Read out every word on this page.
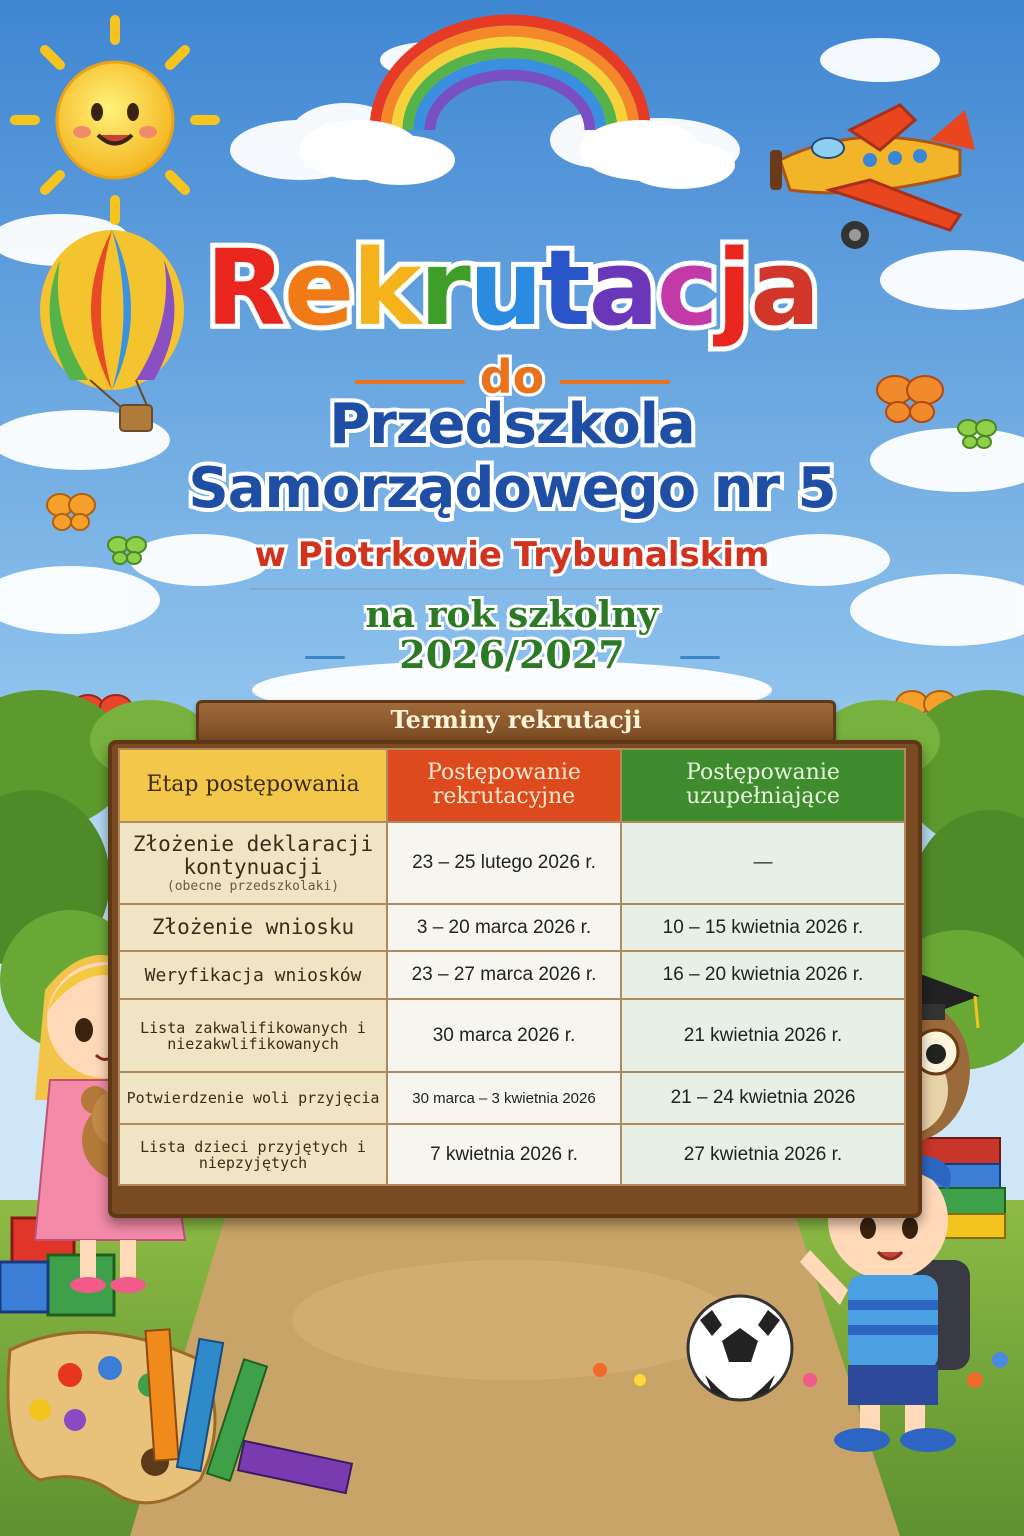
Rekrutacja
do
Przedszkola
Samorządowego nr 5
w Piotrkowie Trybunalskim
na rok szkolny
2026/2027
Terminy rekrutacji
Etap postępowania	Postępowanie rekrutacyjne	Postępowanie uzupełniające

Złożenie deklaracji kontynuacji
(obecne przedszkolaki)	23 – 25 lutego 2026 r.	—
Złożenie wniosku	3 – 20 marca 2026 r.	10 – 15 kwietnia 2026 r.
Weryfikacja wniosków	23 – 27 marca 2026 r.	16 – 20 kwietnia 2026 r.
Lista zakwalifikowanych i niezakwlifikowanych	30 marca 2026 r.	21 kwietnia 2026 r.
Potwierdzenie woli przyjęcia	30 marca – 3 kwietnia 2026	21 – 24 kwietnia 2026
Lista dzieci przyjętych i niepzyjętych	7 kwietnia 2026 r.	27 kwietnia 2026 r.
